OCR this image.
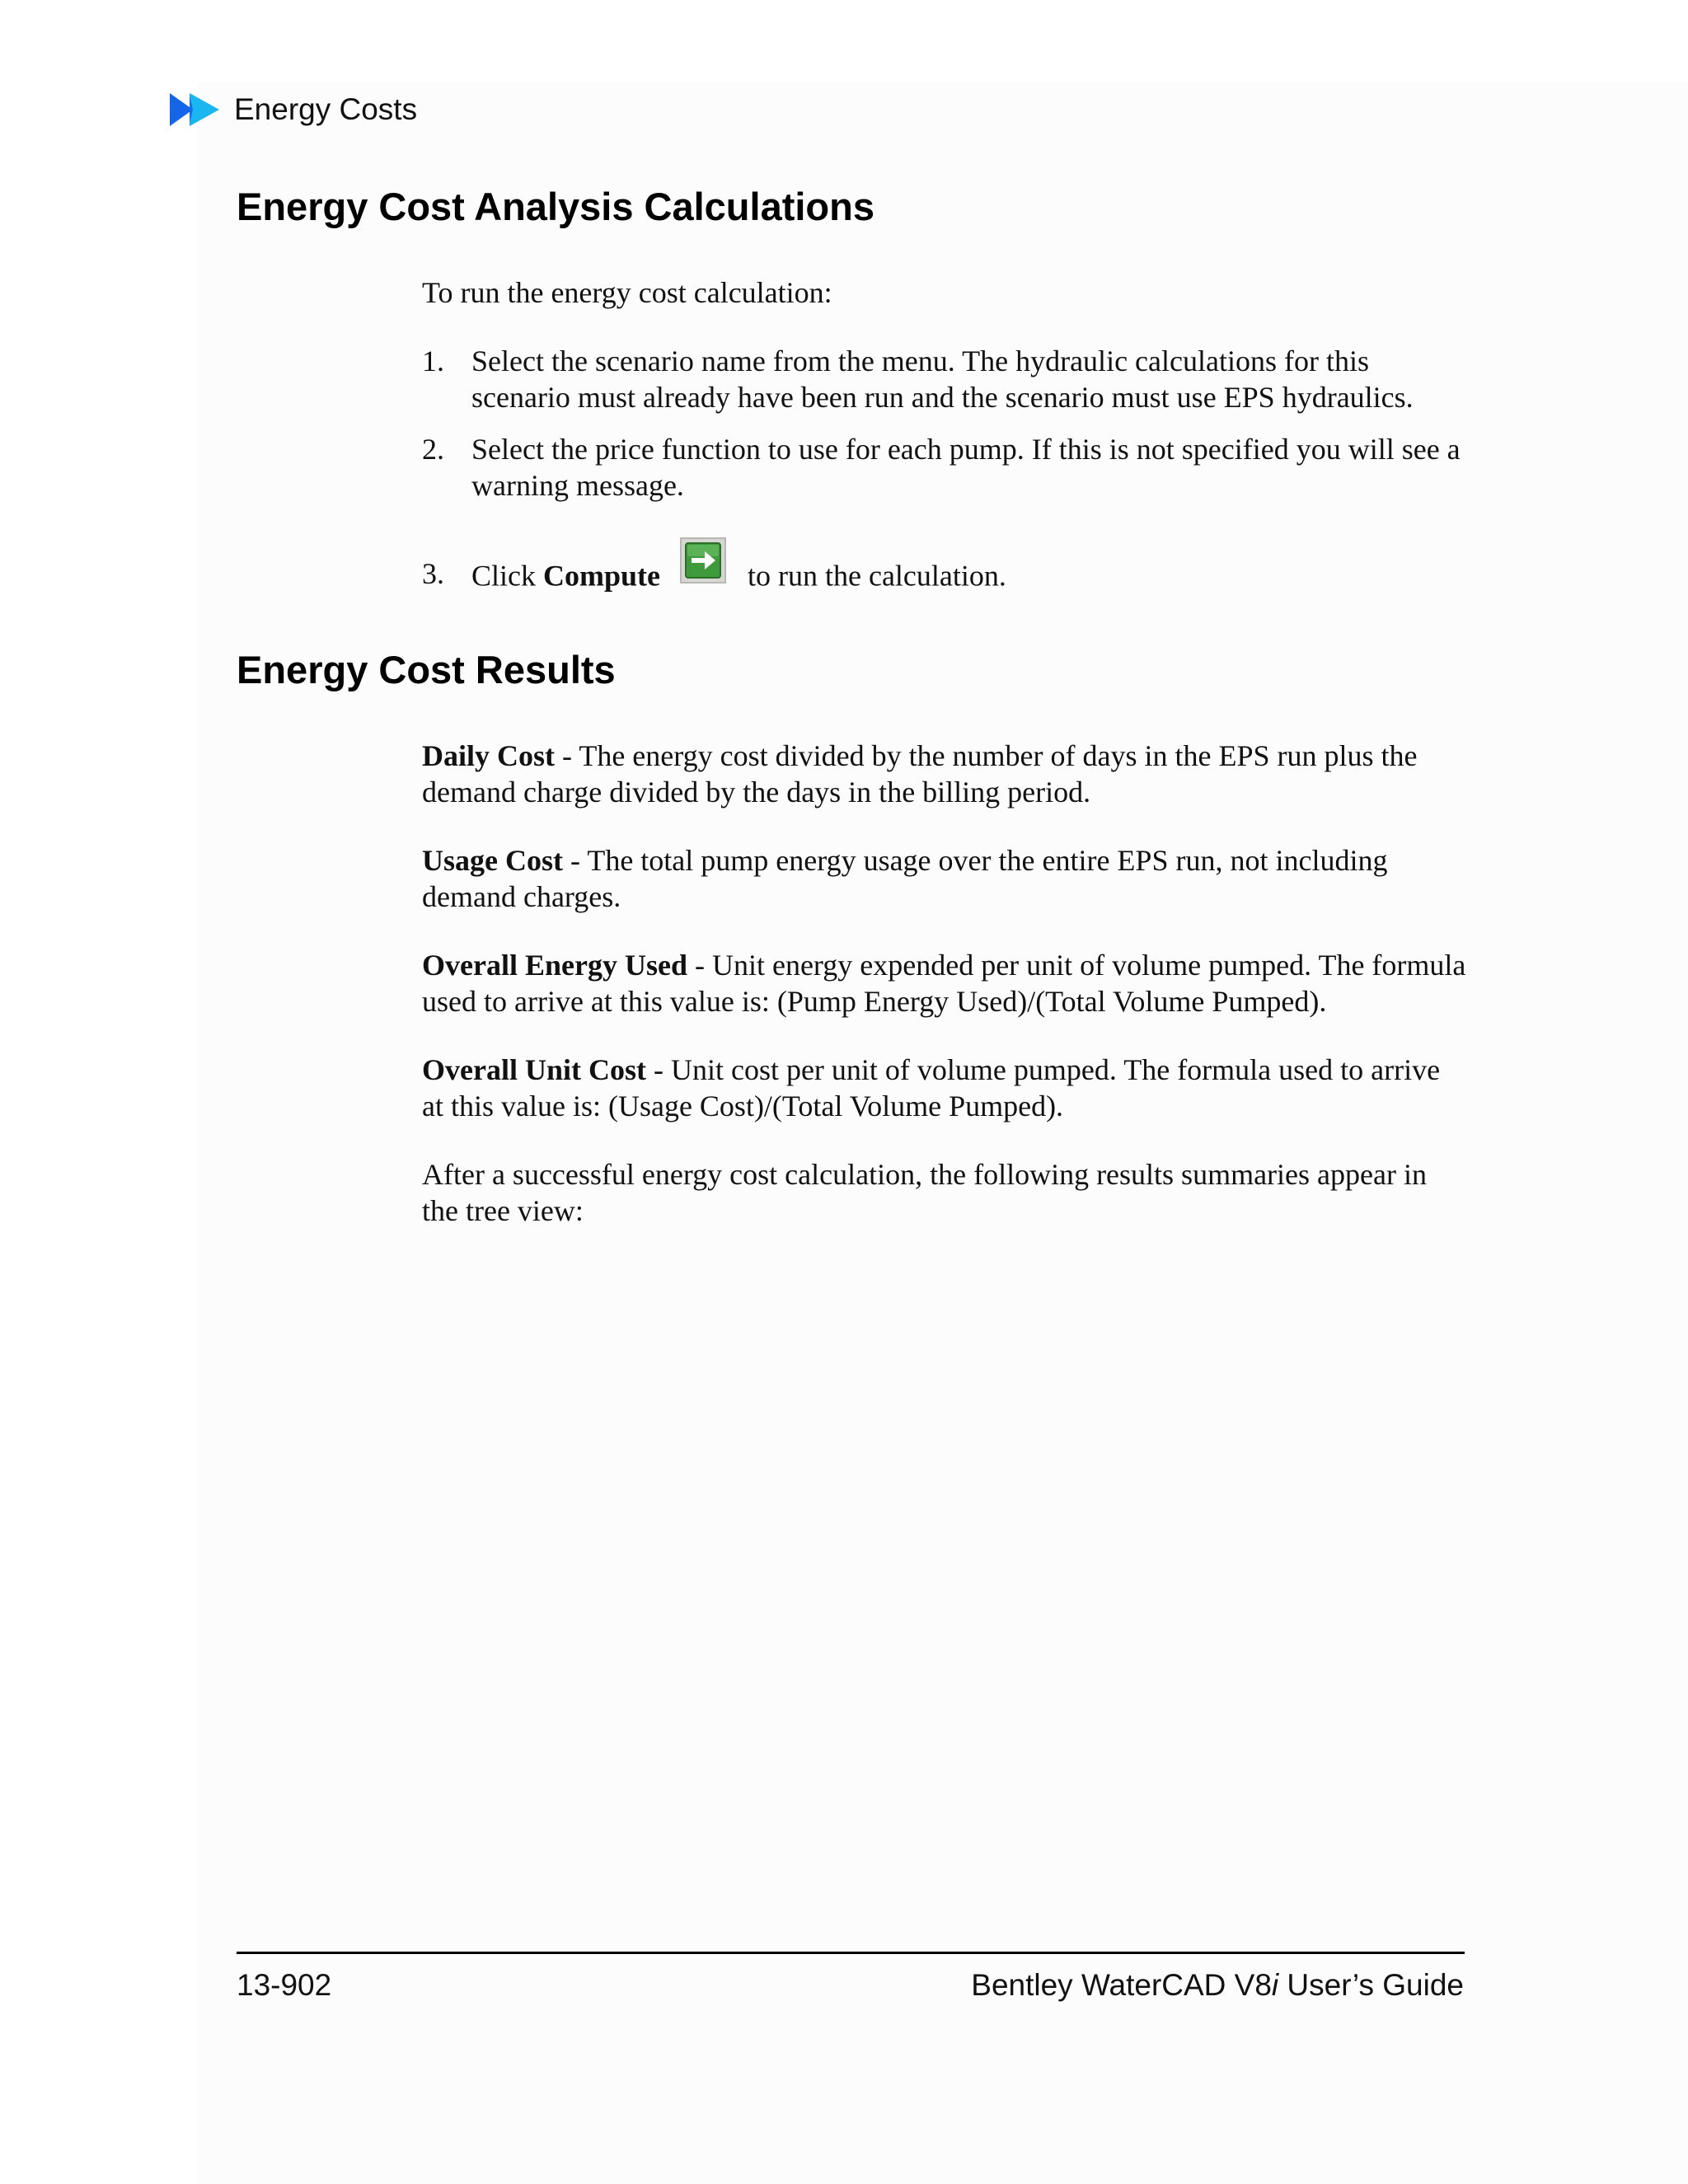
Energy Costs
Energy Cost Analysis Calculations

To run the energy cost calculation:

1. Select the scenario name from the menu. The hydraulic calculations for this scenario must already have been run and the scenario must use EPS hydraulics.
2. Select the price function to use for each pump. If this is not specified you will see a warning message.
3. Click Compute	to run the calculation.
Energy Cost Results

Daily Cost - The energy cost divided by the number of days in the EPS run plus the demand charge divided by the days in the billing period.

Usage Cost - The total pump energy usage over the entire EPS run, not including demand charges.

Overall Energy Used - Unit energy expended per unit of volume pumped. The formula used to arrive at this value is: (Pump Energy Used)/(Total Volume Pumped).

Overall Unit Cost - Unit cost per unit of volume pumped. The formula used to arrive at this value is: (Usage Cost)/(Total Volume Pumped).

After a successful energy cost calculation, the following results summaries appear in the tree view:

13-902	Bentley WaterCAD V8i User’s Guide
